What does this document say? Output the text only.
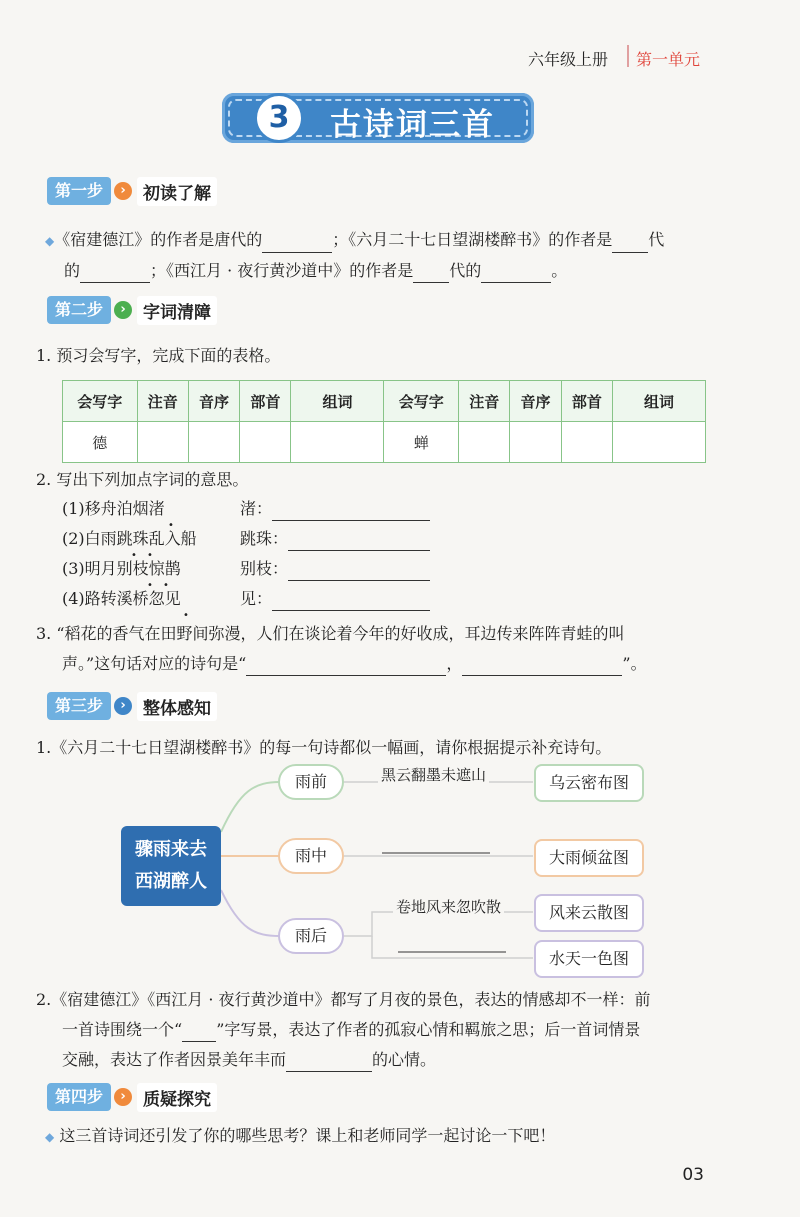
六年级上册 第一单元
3	古诗词三首
第一步	›	初读了解
◆《宿建德江》的作者是唐代的	；《六月二十七日望湖楼醉书》的作者是 代
的	；《西江月 · 夜行黄沙道中》的作者是 代的	。
第二步	›	字词清障
1. 预习会写字，完成下面的表格。
会写字	注音	音序	部首	组词	会写字	注音	音序	部首	组词
德					蝉				
2. 写出下列加点字词的意思。
(1)移舟泊烟渚	渚：
(2)白雨跳珠乱入船	跳珠：
(3)明月别枝惊鹊	别枝：
(4)路转溪桥忽见	见：
•
• •
• •
•
3. “稻花的香气在田野间弥漫，人们在谈论着今年的好收成，耳边传来阵阵青蛙的叫
声。”这句话对应的诗句是“	，	”。
第三步	›	整体感知
1.《六月二十七日望湖楼醉书》的每一句诗都似一幅画，请你根据提示补充诗句。
骤雨来去
西湖醉人
雨前
雨中
雨后
黑云翻墨未遮山
卷地风来忽吹散
乌云密布图
大雨倾盆图
风来云散图
水天一色图
2.《宿建德江》《西江月 · 夜行黄沙道中》都写了月夜的景色，表达的情感却不一样：前
一首诗围绕一个“ ”字写景，表达了作者的孤寂心情和羁旅之思；后一首词情景
交融，表达了作者因景美年丰而	的心情。
第四步	›	质疑探究
◆ 这三首诗词还引发了你的哪些思考？课上和老师同学一起讨论一下吧！
03
